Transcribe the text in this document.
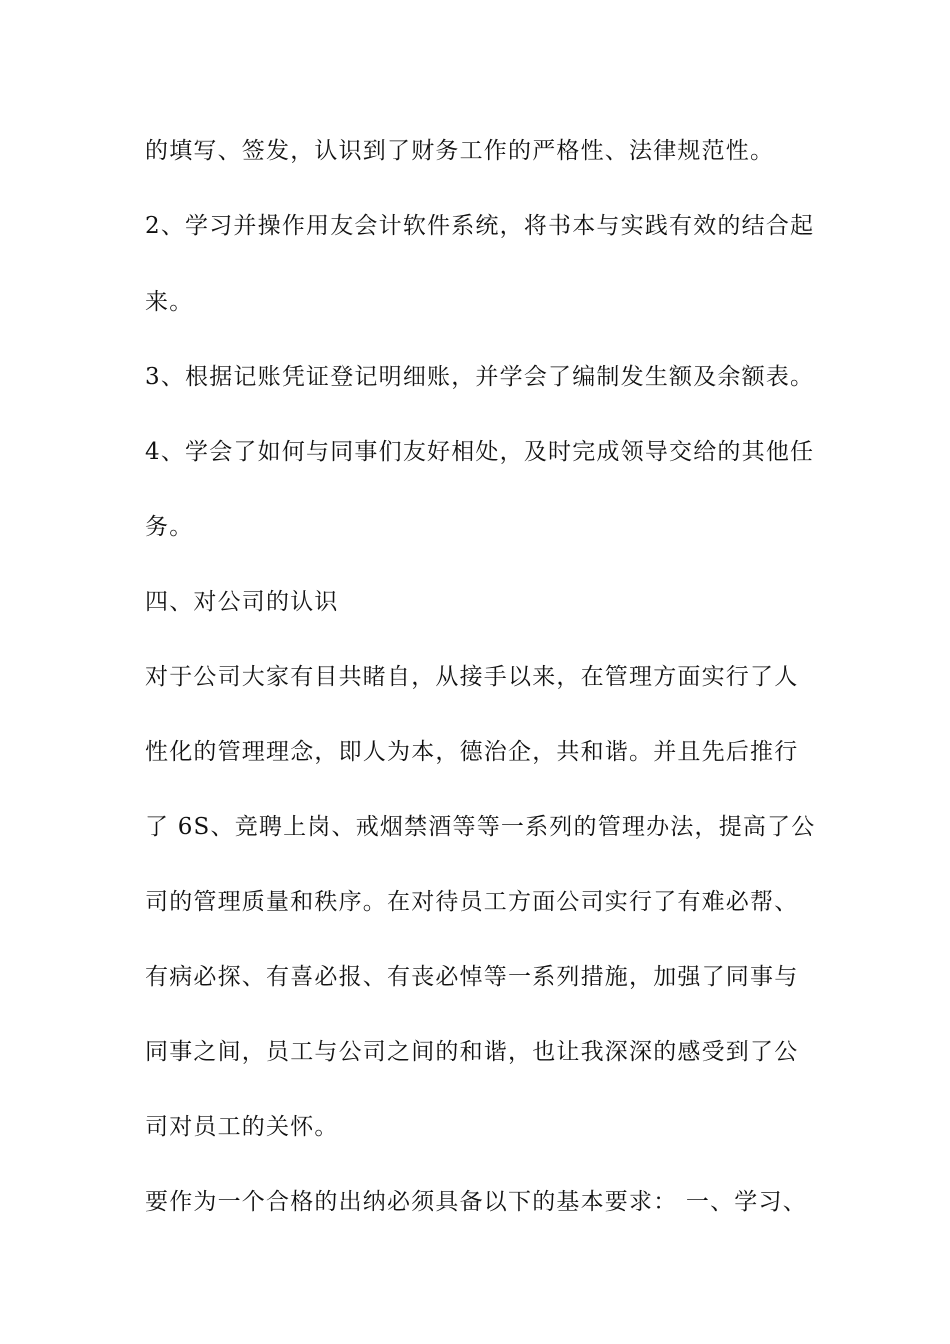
的填写、签发，认识到了财务工作的严格性、法律规范性。
2、学习并操作用友会计软件系统，将书本与实践有效的结合起
来。
3、根据记账凭证登记明细账，并学会了编制发生额及余额表。
4、学会了如何与同事们友好相处，及时完成领导交给的其他任
务。
四、对公司的认识
对于公司大家有目共睹自，从接手以来，在管理方面实行了人
性化的管理理念，即人为本，德治企，共和谐。并且先后推行
了 6S、竞聘上岗、戒烟禁酒等等一系列的管理办法，提高了公
司的管理质量和秩序。在对待员工方面公司实行了有难必帮、
有病必探、有喜必报、有丧必悼等一系列措施，加强了同事与
同事之间，员工与公司之间的和谐，也让我深深的感受到了公
司对员工的关怀。
要作为一个合格的出纳必须具备以下的基本要求： 一、学习、
